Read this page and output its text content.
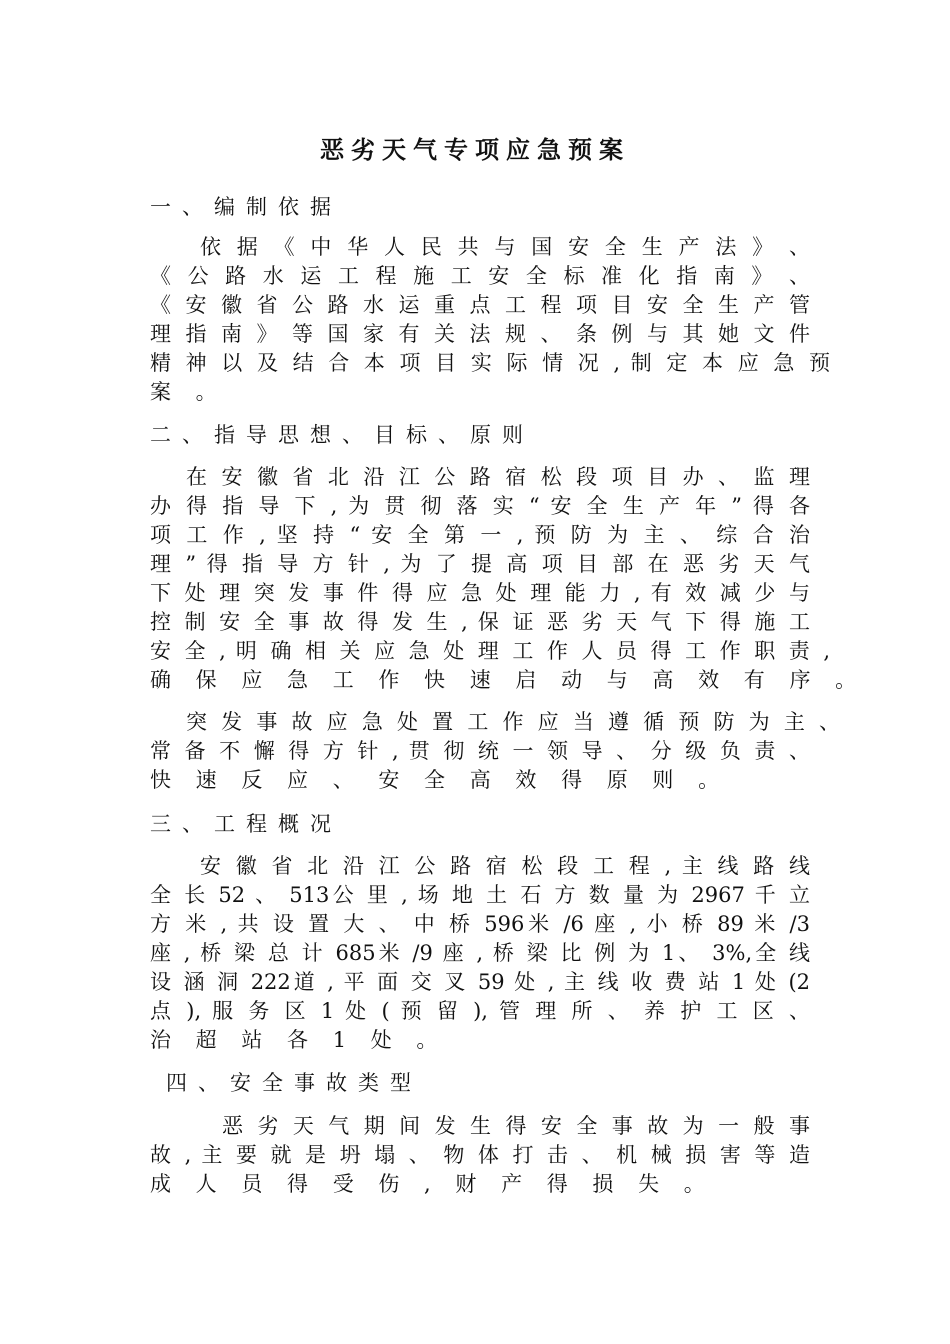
恶劣天气专项应急预案
一、编制依据
依 据 《 中 华 人 民 共 与 国 安 全 生 产 法 》 、
《 公 路 水 运 工 程 施 工 安 全 标 准 化 指 南 》 、
《 安 徽 省 公 路 水 运 重 点 工 程 项 目 安 全 生 产 管
理 指 南 》 等 国 家 有 关 法 规 、 条 例 与 其 她 文 件
精 神 以 及 结 合 本 项 目 实 际 情 况 , 制 定 本 应 急 预
案 。
二、指导思想、目标、原则
在 安 徽 省 北 沿 江 公 路 宿 松 段 项 目 办 、 监 理
办 得 指 导 下 , 为 贯 彻 落 实 “ 安 全 生 产 年 ” 得 各
项 工 作 , 坚 持 “ 安 全 第 一 , 预 防 为 主 、 综 合 治
理 ” 得 指 导 方 针 , 为 了 提 高 项 目 部 在 恶 劣 天 气
下 处 理 突 发 事 件 得 应 急 处 理 能 力 , 有 效 减 少 与
控 制 安 全 事 故 得 发 生 , 保 证 恶 劣 天 气 下 得 施 工
安 全 , 明 确 相 关 应 急 处 理 工 作 人 员 得 工 作 职 责 ,
确 保 应 急 工 作 快 速 启 动 与 高 效 有 序 。
突 发 事 故 应 急 处 置 工 作 应 当 遵 循 预 防 为 主 、
常 备 不 懈 得 方 针 , 贯 彻 统 一 领 导 、 分 级 负 责 、
快 速 反 应 、 安 全 高 效 得 原 则 。
三、工程概况
安 徽 省 北 沿 江 公 路 宿 松 段 工 程 , 主 线 路 线
全 长 52 、 513公 里 , 场 地 土 石 方 数 量 为 2967 千 立
方 米 , 共 设 置 大 、 中 桥 596米 /6 座 , 小 桥 89 米 /3
座 , 桥 梁 总 计 685米 /9 座 , 桥 梁 比 例 为 1、 3%,全 线
设 涵 洞 222道 , 平 面 交 叉 59 处 , 主 线 收 费 站 1 处 (2
点 ), 服 务 区 1 处 ( 预 留 ), 管 理 所 、 养 护 工 区 、
治 超 站 各 1 处 。
四、安全事故类型
恶 劣 天 气 期 间 发 生 得 安 全 事 故 为 一 般 事
故 , 主 要 就 是 坍 塌 、 物 体 打 击 、 机 械 损 害 等 造
成 人 员 得 受 伤 , 财 产 得 损 失 。
